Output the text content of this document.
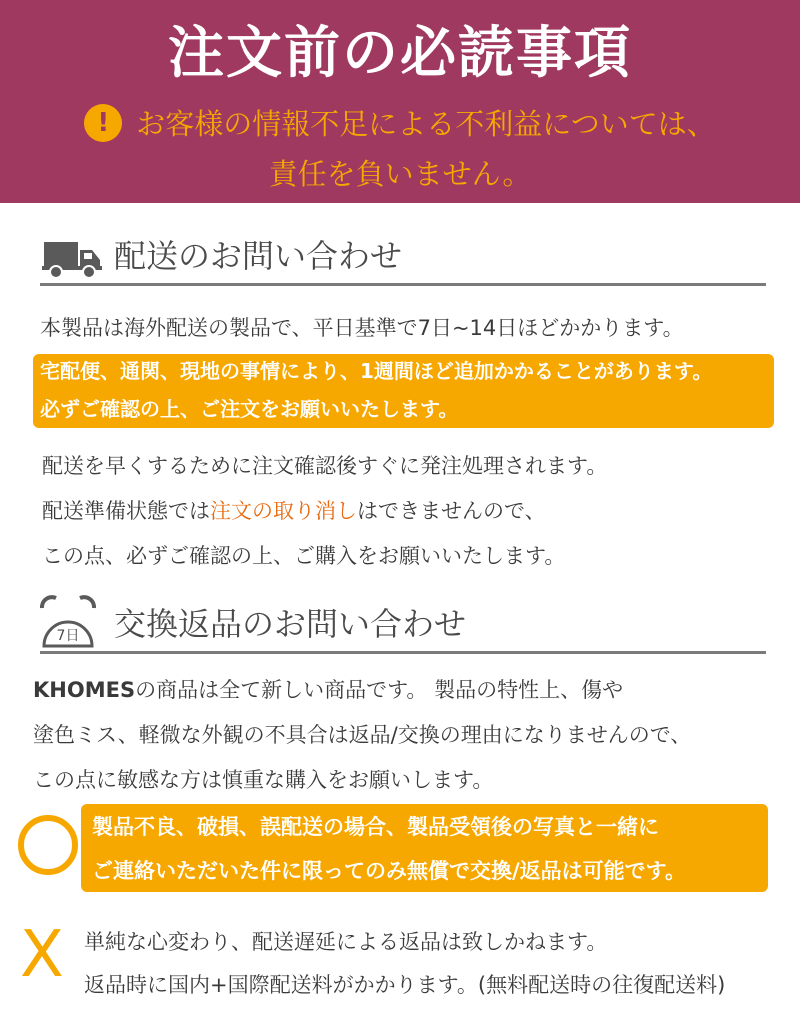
注文前の必読事項
! お客様の情報不足による不利益については、
責任を負いません。
配送のお問い合わせ
本製品は海外配送の製品で、平日基準で7日~14日ほどかかります。
宅配便、通関、現地の事情により、1週間ほど追加かかることがあります。
必ずご確認の上、ご注文をお願いいたします。
配送を早くするために注文確認後すぐに発注処理されます。
配送準備状態では注文の取り消しはできませんので、
この点、必ずご確認の上、ご購入をお願いいたします。
7日 交換返品のお問い合わせ
KHOMESの商品は全て新しい商品です。 製品の特性上、傷や
塗色ミス、軽微な外観の不具合は返品/交換の理由になりませんので、
この点に敏感な方は慎重な購入をお願いします。
製品不良、破損、誤配送の場合、製品受領後の写真と一緒に
ご連絡いただいた件に限ってのみ無償で交換/返品は可能です。
X 単純な心変わり、配送遅延による返品は致しかねます。
返品時に国内+国際配送料がかかります。(無料配送時の往復配送料)
